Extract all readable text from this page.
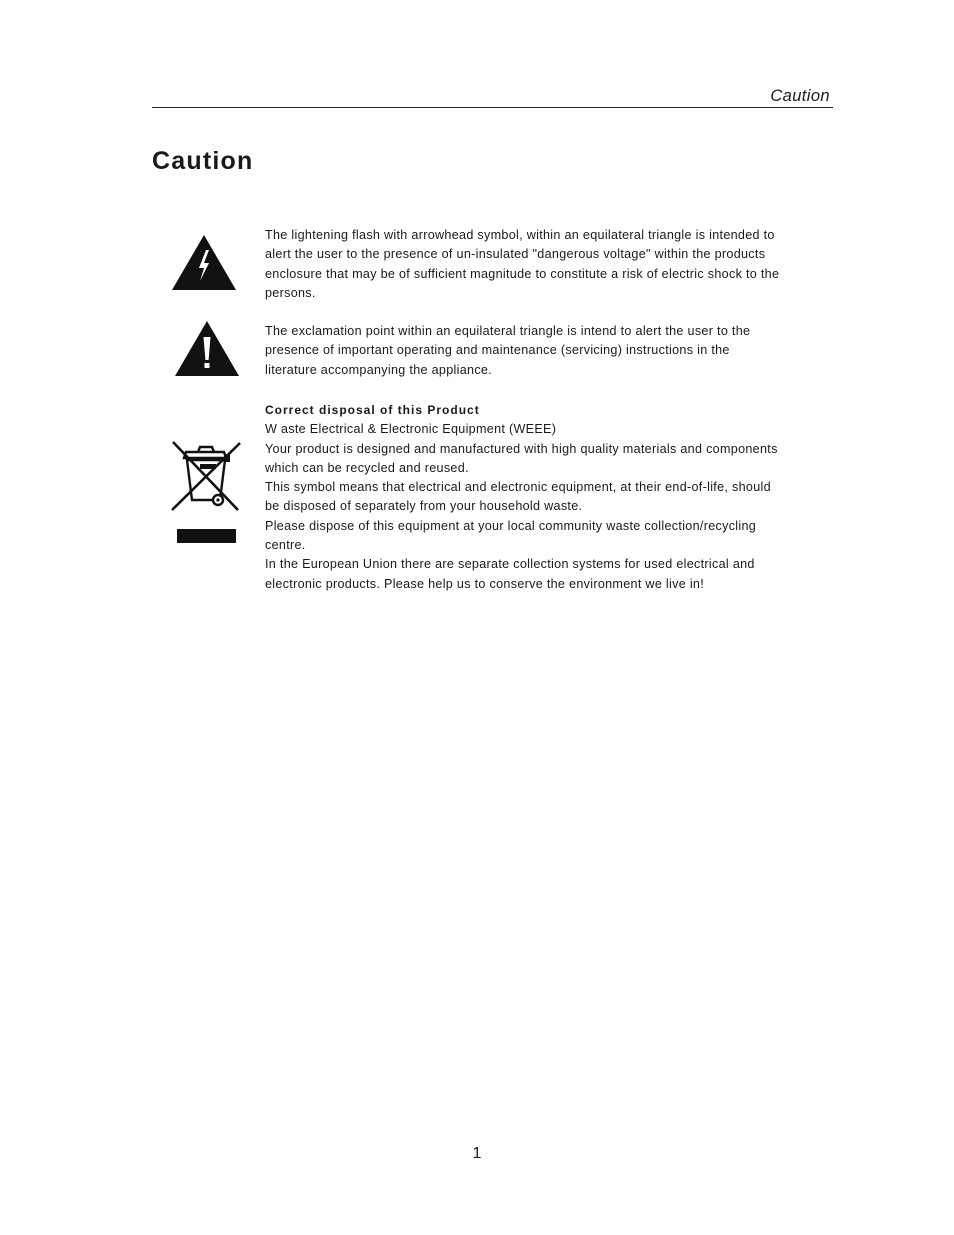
Caution
Caution

The lightening flash with arrowhead symbol, within an equilateral triangle is intended to alert the user to the presence of un-insulated "dangerous voltage" within the products enclosure that may be of sufficient magnitude to constitute a risk of electric shock to the persons.

The exclamation point within an equilateral triangle is intend to alert the user to the presence of important operating and maintenance (servicing) instructions in the literature accompanying the appliance.

Correct disposal of this Product
W aste Electrical & Electronic Equipment (WEEE)
Your product is designed and manufactured with high quality materials and components which can be recycled and reused.
This symbol means that electrical and electronic equipment, at their end-of-life, should be disposed of separately from your household waste.
Please dispose of this equipment at your local community waste collection/recycling centre.
In the European Union there are separate collection systems for used electrical and electronic products. Please help us to conserve the environment we live in!
1
